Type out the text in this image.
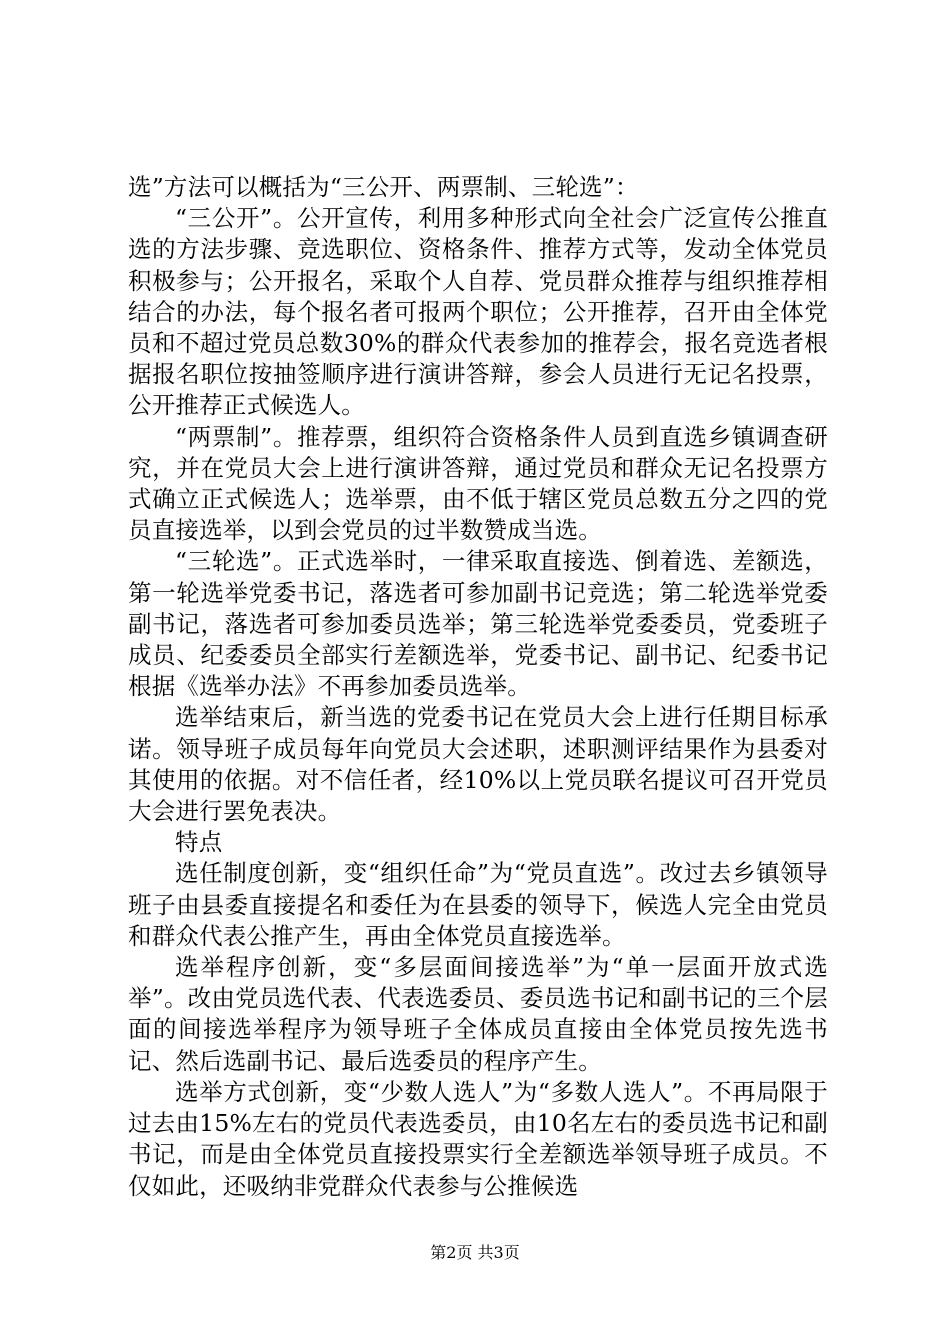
选”方法可以概括为“三公开、两票制、三轮选”：

“三公开”。公开宣传，利用多种形式向全社会广泛宣传公推直选的方法步骤、竞选职位、资格条件、推荐方式等，发动全体党员积极参与；公开报名，采取个人自荐、党员群众推荐与组织推荐相结合的办法，每个报名者可报两个职位；公开推荐，召开由全体党员和不超过党员总数30%的群众代表参加的推荐会，报名竞选者根据报名职位按抽签顺序进行演讲答辩，参会人员进行无记名投票，公开推荐正式候选人。

“两票制”。推荐票，组织符合资格条件人员到直选乡镇调查研究，并在党员大会上进行演讲答辩，通过党员和群众无记名投票方式确立正式候选人；选举票，由不低于辖区党员总数五分之四的党员直接选举，以到会党员的过半数赞成当选。

“三轮选”。正式选举时，一律采取直接选、倒着选、差额选，第一轮选举党委书记，落选者可参加副书记竞选；第二轮选举党委副书记，落选者可参加委员选举；第三轮选举党委委员，党委班子成员、纪委委员全部实行差额选举，党委书记、副书记、纪委书记根据《选举办法》不再参加委员选举。

选举结束后，新当选的党委书记在党员大会上进行任期目标承诺。领导班子成员每年向党员大会述职，述职测评结果作为县委对其使用的依据。对不信任者，经10%以上党员联名提议可召开党员大会进行罢免表决。

特点

选任制度创新，变“组织任命”为“党员直选”。改过去乡镇领导班子由县委直接提名和委任为在县委的领导下，候选人完全由党员和群众代表公推产生，再由全体党员直接选举。

选举程序创新，变“多层面间接选举”为“单一层面开放式选举”。改由党员选代表、代表选委员、委员选书记和副书记的三个层面的间接选举程序为领导班子全体成员直接由全体党员按先选书记、然后选副书记、最后选委员的程序产生。

选举方式创新，变“少数人选人”为“多数人选人”。不再局限于过去由15%左右的党员代表选委员，由10名左右的委员选书记和副书记，而是由全体党员直接投票实行全差额选举领导班子成员。不仅如此，还吸纳非党群众代表参与公推候选

第2页 共3页
